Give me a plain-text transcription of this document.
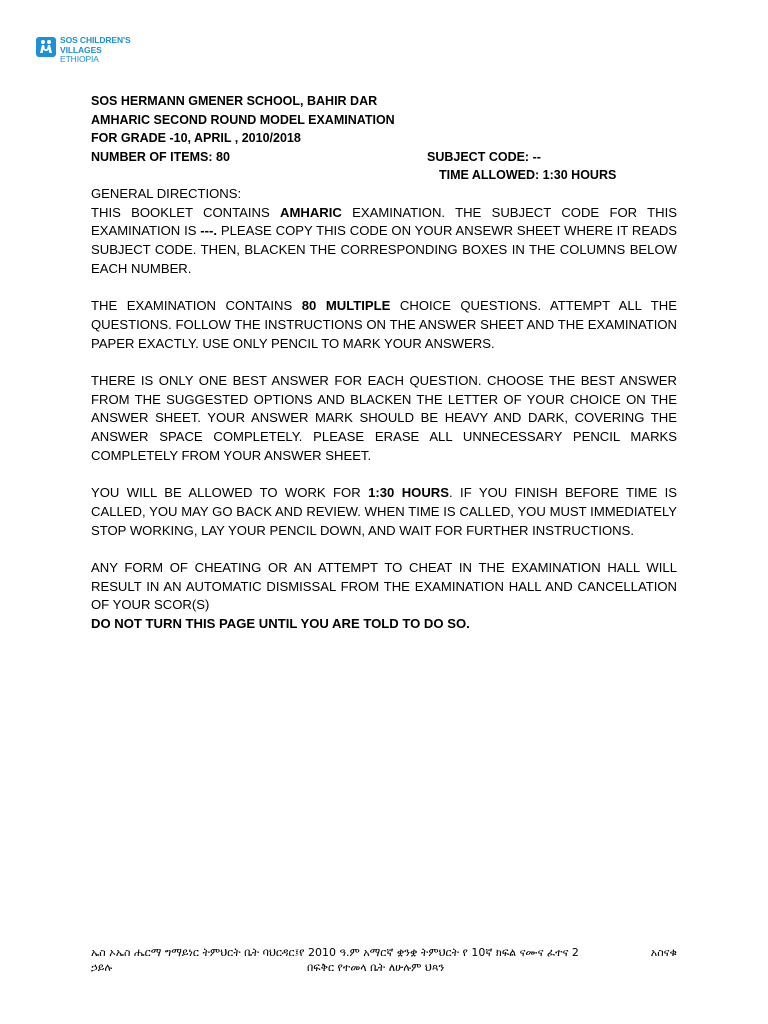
SOS CHILDREN'S
VILLAGES
ETHIOPIA
SOS HERMANN GMENER SCHOOL, BAHIR DAR
AMHARIC SECOND ROUND MODEL EXAMINATION
FOR GRADE -10, APRIL , 2010/2018
NUMBER OF ITEMS: 80	SUBJECT CODE: --
TIME ALLOWED: 1:30 HOURS

GENERAL DIRECTIONS:

THIS BOOKLET CONTAINS AMHARIC EXAMINATION. THE SUBJECT CODE FOR THIS EXAMINATION IS ---. PLEASE COPY THIS CODE ON YOUR ANSEWR SHEET WHERE IT READS SUBJECT CODE. THEN, BLACKEN THE CORRESPONDING BOXES IN THE COLUMNS BELOW EACH NUMBER.

THE EXAMINATION CONTAINS 80 MULTIPLE CHOICE QUESTIONS. ATTEMPT ALL THE QUESTIONS. FOLLOW THE INSTRUCTIONS ON THE ANSWER SHEET AND THE EXAMINATION PAPER EXACTLY. USE ONLY PENCIL TO MARK YOUR ANSWERS.

THERE IS ONLY ONE BEST ANSWER FOR EACH QUESTION. CHOOSE THE BEST ANSWER FROM THE SUGGESTED OPTIONS AND BLACKEN THE LETTER OF YOUR CHOICE ON THE ANSWER SHEET. YOUR ANSWER MARK SHOULD BE HEAVY AND DARK, COVERING THE ANSWER SPACE COMPLETELY. PLEASE ERASE ALL UNNECESSARY PENCIL MARKS COMPLETELY FROM YOUR ANSWER SHEET.

YOU WILL BE ALLOWED TO WORK FOR 1:30 HOURS. IF YOU FINISH BEFORE TIME IS CALLED, YOU MAY GO BACK AND REVIEW. WHEN TIME IS CALLED, YOU MUST IMMEDIATELY STOP WORKING, LAY YOUR PENCIL DOWN, AND WAIT FOR FURTHER INSTRUCTIONS.

ANY FORM OF CHEATING OR AN ATTEMPT TO CHEAT IN THE EXAMINATION HALL WILL RESULT IN AN AUTOMATIC DISMISSAL FROM THE EXAMINATION HALL AND CANCELLATION OF YOUR SCOR(S)

DO NOT TURN THIS PAGE UNTIL YOU ARE TOLD TO DO SO.

ኤስ ኦኤስ ሔርማ ግማይነር ትምህርት ቤት ባህርዳር፤የ 2010 ዓ.ም አማርኛ ቋንቋ ትምህርት የ 10ኛ ክፍል ናሙና ፈተና 2	አስናቁ
ኃይሉ	በፍቅር የተመላ ቤት ለሁሉም ህጻን
